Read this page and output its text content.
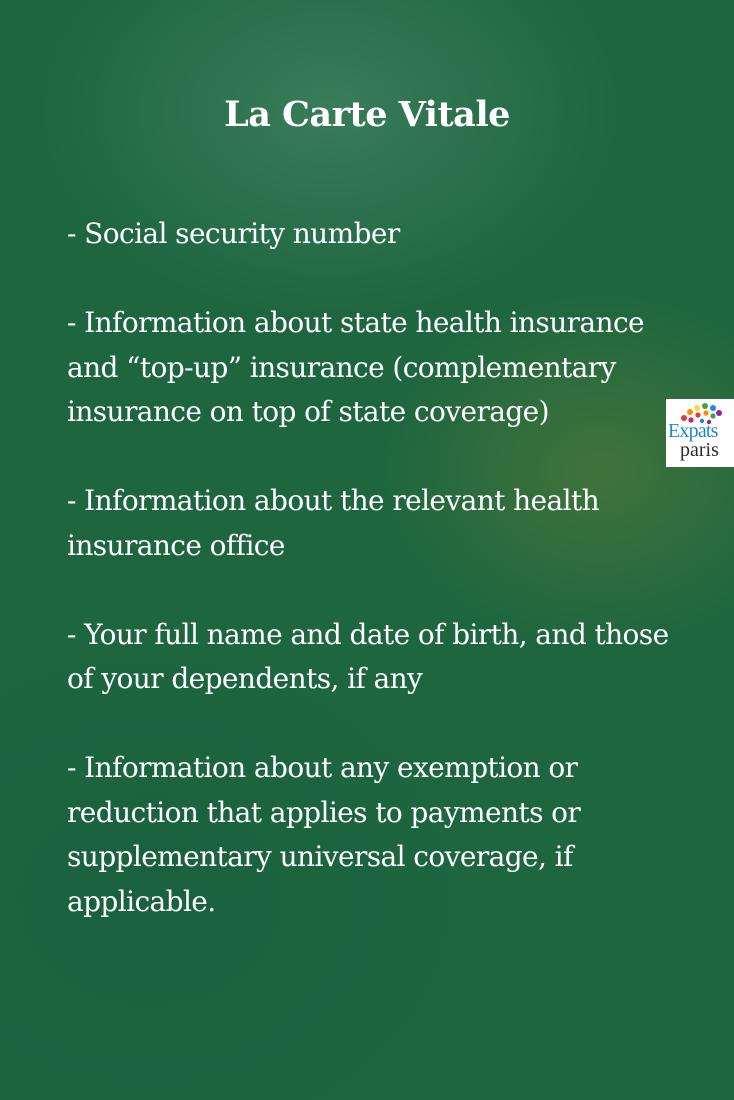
La Carte Vitale
- Social security number
- Information about state health insurance and “top-up” insurance (complementary insurance on top of state coverage)
- Information about the relevant health insurance office
- Your full name and date of birth, and those of your dependents, if any
- Information about any exemption or reduction that applies to payments or supplementary universal coverage, if applicable.
Expats
paris
